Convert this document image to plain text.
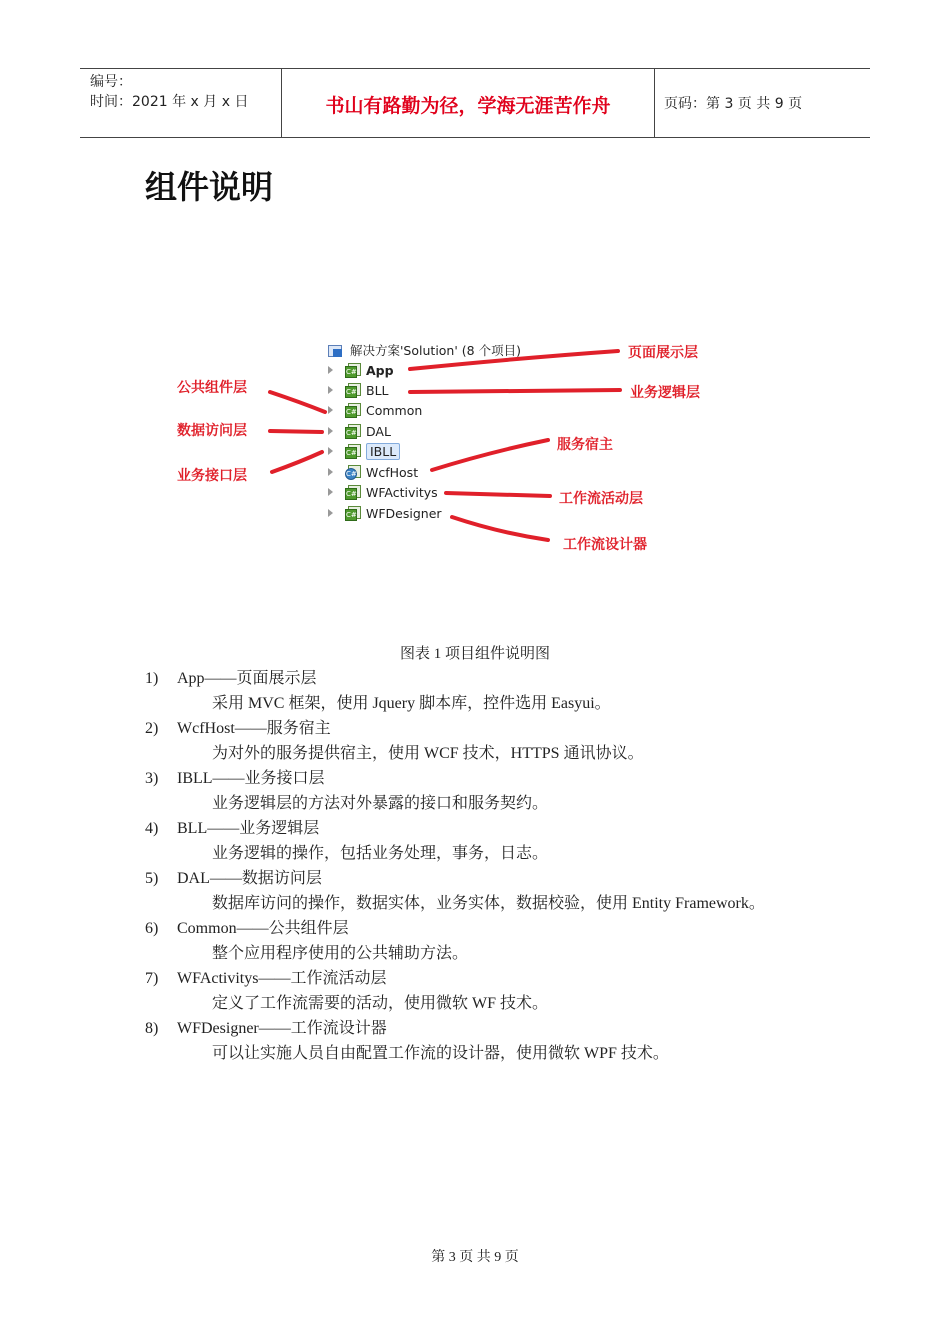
编号：
时间：2021 年 x 月 x 日	书山有路勤为径，学海无涯苦作舟	页码：第 3 页 共 9 页
组件说明
解决方案'Solution' (8 个项目)
C# App
C# BLL
C# Common
C# DAL
C#	IBLL
C# WcfHost
C# WFActivitys
C# WFDesigner
页面展示层
业务逻辑层
公共组件层
数据访问层
业务接口层
服务宿主
工作流活动层
工作流设计器
图表 1 项目组件说明图
1) App——页面展示层
采用 MVC 框架，使用 Jquery 脚本库，控件选用 Easyui。
2) WcfHost——服务宿主
为对外的服务提供宿主，使用 WCF 技术，HTTPS 通讯协议。
3) IBLL——业务接口层
业务逻辑层的方法对外暴露的接口和服务契约。
4) BLL——业务逻辑层
业务逻辑的操作，包括业务处理，事务，日志。
5) DAL——数据访问层
数据库访问的操作，数据实体，业务实体，数据校验，使用 Entity Framework。
6) Common——公共组件层
整个应用程序使用的公共辅助方法。
7) WFActivitys——工作流活动层
定义了工作流需要的活动，使用微软 WF 技术。
8) WFDesigner——工作流设计器
可以让实施人员自由配置工作流的设计器，使用微软 WPF 技术。
第 3 页 共 9 页
